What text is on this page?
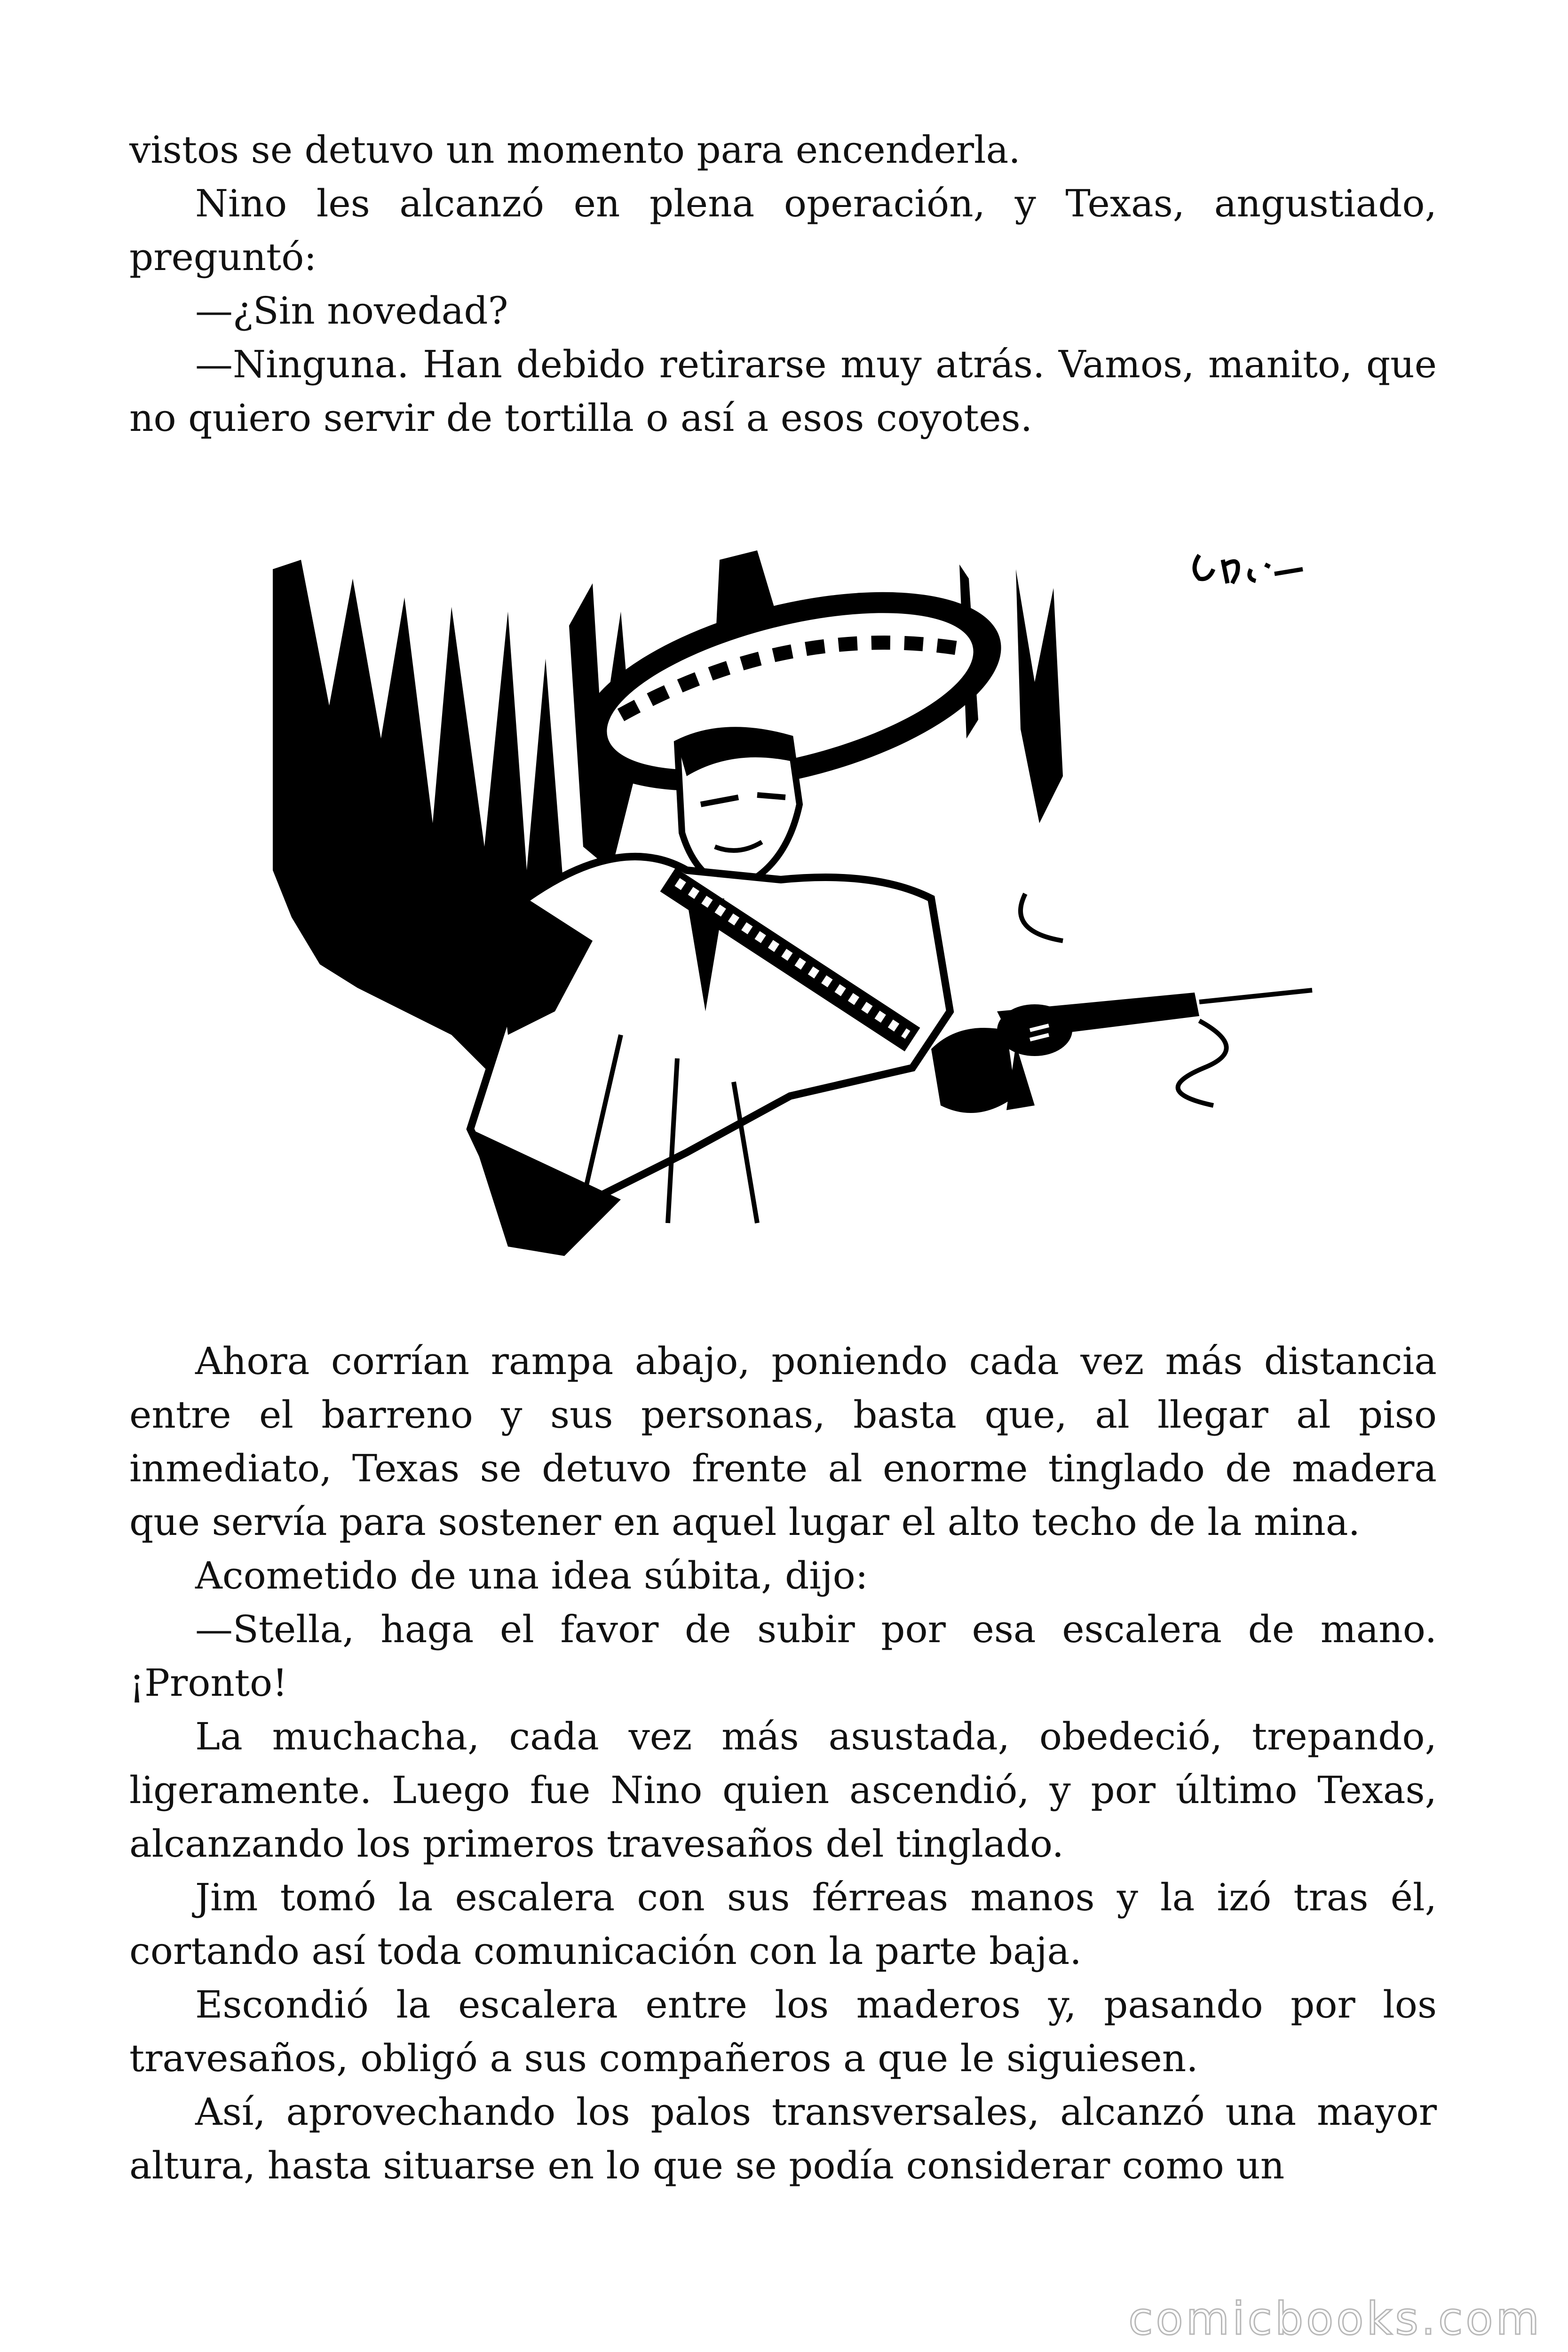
vistos se detuvo un momento para encenderla.

Nino les alcanzó en plena operación, y Texas, angustiado, preguntó:

—¿Sin novedad?

—Ninguna. Han debido retirarse muy atrás. Vamos, manito, que no quiero servir de tortilla o así a esos coyotes.

Ahora corrían rampa abajo, poniendo cada vez más distancia entre el barreno y sus personas, basta que, al llegar al piso inmediato, Texas se detuvo frente al enorme tinglado de madera que servía para sostener en aquel lugar el alto techo de la mina.

Acometido de una idea súbita, dijo:

—Stella, haga el favor de subir por esa escalera de mano. ¡Pronto!

La muchacha, cada vez más asustada, obedeció, trepando, ligeramente. Luego fue Nino quien ascendió, y por último Texas, alcanzando los primeros travesaños del tinglado.

Jim tomó la escalera con sus férreas manos y la izó tras él, cortando así toda comunicación con la parte baja.

Escondió la escalera entre los maderos y, pasando por los travesaños, obligó a sus compañeros a que le siguiesen.

Así, aprovechando los palos transversales, alcanzó una mayor altura, hasta situarse en lo que se podía considerar como un

comicbooks.com
